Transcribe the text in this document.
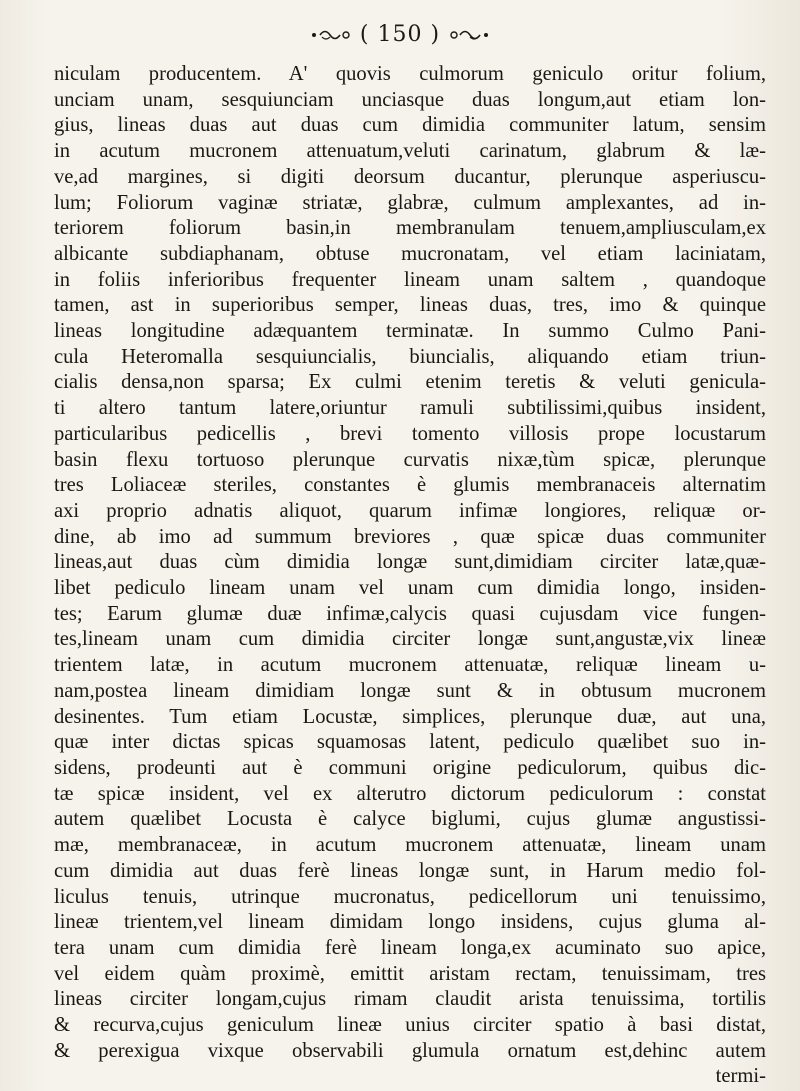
( 150 )
niculam producentem. A' quovis culmorum geniculo oritur folium,
unciam unam, sesquiunciam unciasque duas longum,aut etiam lon-
gius, lineas duas aut duas cum dimidia communiter latum, sensim
in acutum mucronem attenuatum,veluti carinatum, glabrum & læ-
ve,ad margines, si digiti deorsum ducantur, plerunque asperiuscu-
lum; Foliorum vaginæ striatæ, glabræ, culmum amplexantes, ad in-
teriorem foliorum basin,in membranulam tenuem,ampliusculam,ex
albicante subdiaphanam, obtuse mucronatam, vel etiam laciniatam,
in foliis inferioribus frequenter lineam unam saltem , quandoque
tamen, ast in superioribus semper, lineas duas, tres, imo & quinque
lineas longitudine adæquantem terminatæ. In summo Culmo Pani-
cula Heteromalla sesquiuncialis, biuncialis, aliquando etiam triun-
cialis densa,non sparsa; Ex culmi etenim teretis & veluti genicula-
ti altero tantum latere,oriuntur ramuli subtilissimi,quibus insident,
particularibus pedicellis , brevi tomento villosis prope locustarum
basin flexu tortuoso plerunque curvatis nixæ,tùm spicæ, plerunque
tres Loliaceæ steriles, constantes è glumis membranaceis alternatim
axi proprio adnatis aliquot, quarum infimæ longiores, reliquæ or-
dine, ab imo ad summum breviores , quæ spicæ duas communiter
lineas,aut duas cùm dimidia longæ sunt,dimidiam circiter latæ,quæ-
libet pediculo lineam unam vel unam cum dimidia longo, insiden-
tes; Earum glumæ duæ infimæ,calycis quasi cujusdam vice fungen-
tes,lineam unam cum dimidia circiter longæ sunt,angustæ,vix lineæ
trientem latæ, in acutum mucronem attenuatæ, reliquæ lineam u-
nam,postea lineam dimidiam longæ sunt & in obtusum mucronem
desinentes. Tum etiam Locustæ, simplices, plerunque duæ, aut una,
quæ inter dictas spicas squamosas latent, pediculo quælibet suo in-
sidens, prodeunti aut è communi origine pediculorum, quibus dic-
tæ spicæ insident, vel ex alterutro dictorum pediculorum : constat
autem quælibet Locusta è calyce biglumi, cujus glumæ angustissi-
mæ, membranaceæ, in acutum mucronem attenuatæ, lineam unam
cum dimidia aut duas ferè lineas longæ sunt, in Harum medio fol-
liculus tenuis, utrinque mucronatus, pedicellorum uni tenuissimo,
lineæ trientem,vel lineam dimidam longo insidens, cujus gluma al-
tera unam cum dimidia ferè lineam longa,ex acuminato suo apice,
vel eidem quàm proximè, emittit aristam rectam, tenuissimam, tres
lineas circiter longam,cujus rimam claudit arista tenuissima, tortilis
& recurva,cujus geniculum lineæ unius circiter spatio à basi distat,
& perexigua vixque observabili glumula ornatum est,dehinc autem
termi-
